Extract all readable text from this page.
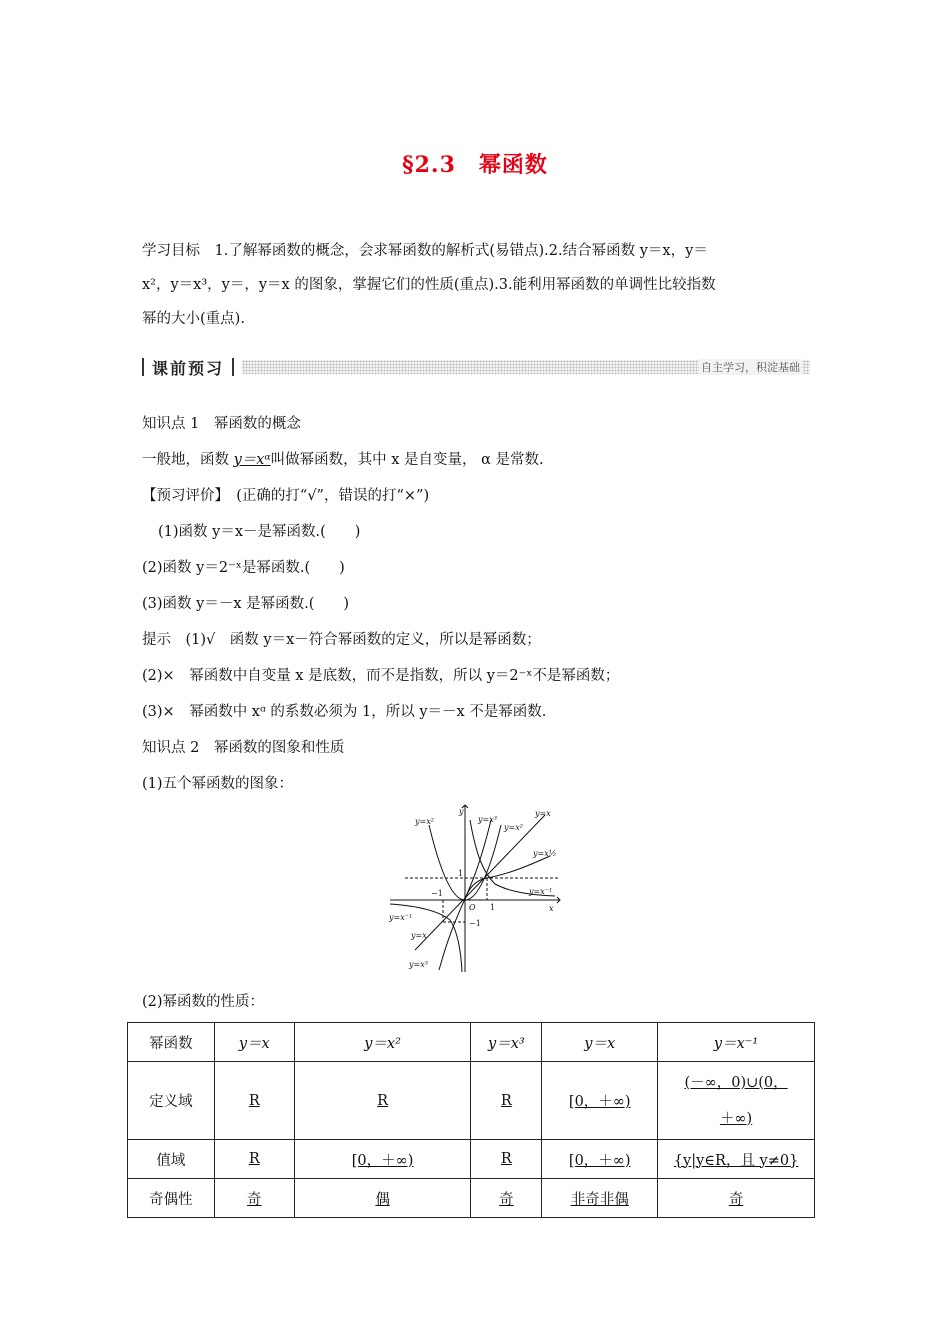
§2.3　幂函数

学习目标　1.了解幂函数的概念，会求幂函数的解析式(易错点).2.结合幂函数 y＝x，y＝

x²，y＝x³，y＝，y＝x 的图象，掌握它们的性质(重点).3.能利用幂函数的单调性比较指数

幂的大小(重点).

课前预习	自主学习，积淀基础
知识点 1　幂函数的概念
一般地，函数 y＝xᵅ叫做幂函数，其中 x 是自变量， α 是常数.
【预习评价】　(正确的打“√”，错误的打“×”)
(1)函数 y＝x－是幂函数.(　　)
(2)函数 y＝2⁻ˣ是幂函数.(　　)
(3)函数 y＝－x 是幂函数.(　　)
提示　(1)√　函数 y＝x－符合幂函数的定义，所以是幂函数；
(2)×　幂函数中自变量 x 是底数，而不是指数，所以 y＝2⁻ˣ不是幂函数；
(3)×　幂函数中 xᵅ 的系数必须为 1，所以 y＝－x 不是幂函数.
知识点 2　幂函数的图象和性质
(1)五个幂函数的图象：
y=x²
y
y=x³
y=x
y=x²
y=x½
1
−1	y=x⁻¹
O 1	x
y=x⁻¹
−1
y=x
y=x³
(2)幂函数的性质：
幂函数	y＝x	y＝x²	y＝x³	y＝x	y＝x⁻¹
定义域	R	R	R	[0，＋∞)	(－∞，0)∪(0，
＋∞)
值域	R	[0，＋∞)	R	[0，＋∞)	{y|y∈R，且 y≠0}
奇偶性	奇	偶	奇	非奇非偶	奇
